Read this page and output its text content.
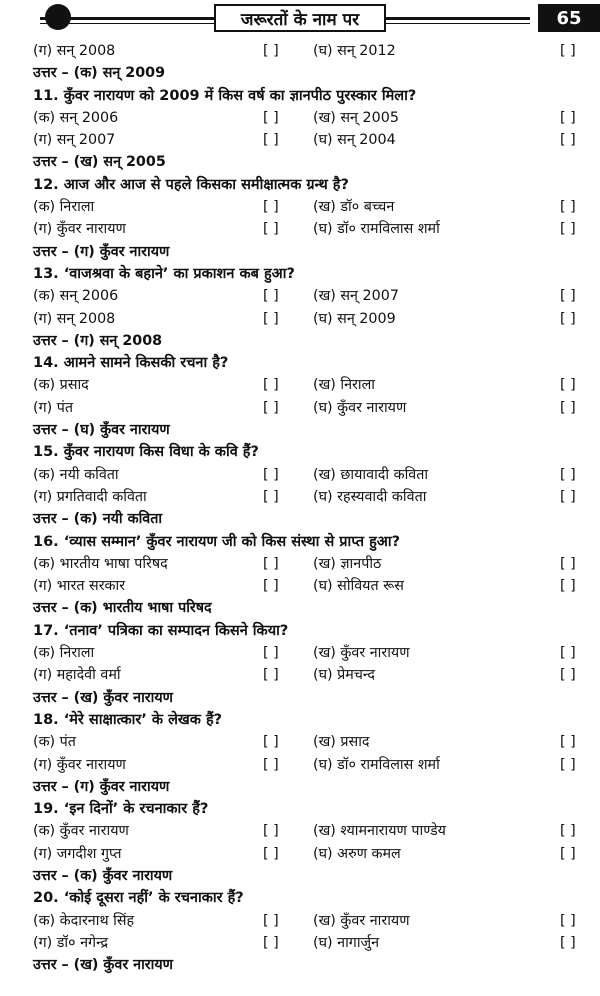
जरूरतों के नाम पर	65
(ग) सन् 2008	[ ] (घ) सन् 2012	[ ]
उत्तर – (क) सन् 2009
11. कुँवर नारायण को 2009 में किस वर्ष का ज्ञानपीठ पुरस्कार मिला?
(क) सन् 2006	[ ] (ख) सन् 2005	[ ]
(ग) सन् 2007	[ ] (घ) सन् 2004	[ ]
उत्तर – (ख) सन् 2005
12. आज और आज से पहले किसका समीक्षात्मक ग्रन्थ है?
(क) निराला	[ ] (ख) डॉ० बच्चन	[ ]
(ग) कुँवर नारायण	[ ] (घ) डॉ० रामविलास शर्मा	[ ]
उत्तर – (ग) कुँवर नारायण
13. ‘वाजश्रवा के बहाने’ का प्रकाशन कब हुआ?
(क) सन् 2006	[ ] (ख) सन् 2007	[ ]
(ग) सन् 2008	[ ] (घ) सन् 2009	[ ]
उत्तर – (ग) सन् 2008
14. आमने सामने किसकी रचना है?
(क) प्रसाद	[ ] (ख) निराला	[ ]
(ग) पंत	[ ] (घ) कुँवर नारायण	[ ]
उत्तर – (घ) कुँवर नारायण
15. कुँवर नारायण किस विधा के कवि हैं?
(क) नयी कविता	[ ] (ख) छायावादी कविता	[ ]
(ग) प्रगतिवादी कविता	[ ] (घ) रहस्यवादी कविता	[ ]
उत्तर – (क) नयी कविता
16. ‘व्यास सम्मान’ कुँवर नारायण जी को किस संस्था से प्राप्त हुआ?
(क) भारतीय भाषा परिषद	[ ] (ख) ज्ञानपीठ	[ ]
(ग) भारत सरकार	[ ] (घ) सोवियत रूस	[ ]
उत्तर – (क) भारतीय भाषा परिषद
17. ‘तनाव’ पत्रिका का सम्पादन किसने किया?
(क) निराला	[ ] (ख) कुँवर नारायण	[ ]
(ग) महादेवी वर्मा	[ ] (घ) प्रेमचन्द	[ ]
उत्तर – (ख) कुँवर नारायण
18. ‘मेरे साक्षात्कार’ के लेखक हैं?
(क) पंत	[ ] (ख) प्रसाद	[ ]
(ग) कुँवर नारायण	[ ] (घ) डॉ० रामविलास शर्मा	[ ]
उत्तर – (ग) कुँवर नारायण
19. ‘इन दिनों’ के रचनाकार हैं?
(क) कुँवर नारायण	[ ] (ख) श्यामनारायण पाण्डेय	[ ]
(ग) जगदीश गुप्त	[ ] (घ) अरुण कमल	[ ]
उत्तर – (क) कुँवर नारायण
20. ‘कोई दूसरा नहीं’ के रचनाकार हैं?
(क) केदारनाथ सिंह	[ ] (ख) कुँवर नारायण	[ ]
(ग) डॉ० नगेन्द्र	[ ] (घ) नागार्जुन	[ ]
उत्तर – (ख) कुँवर नारायण
